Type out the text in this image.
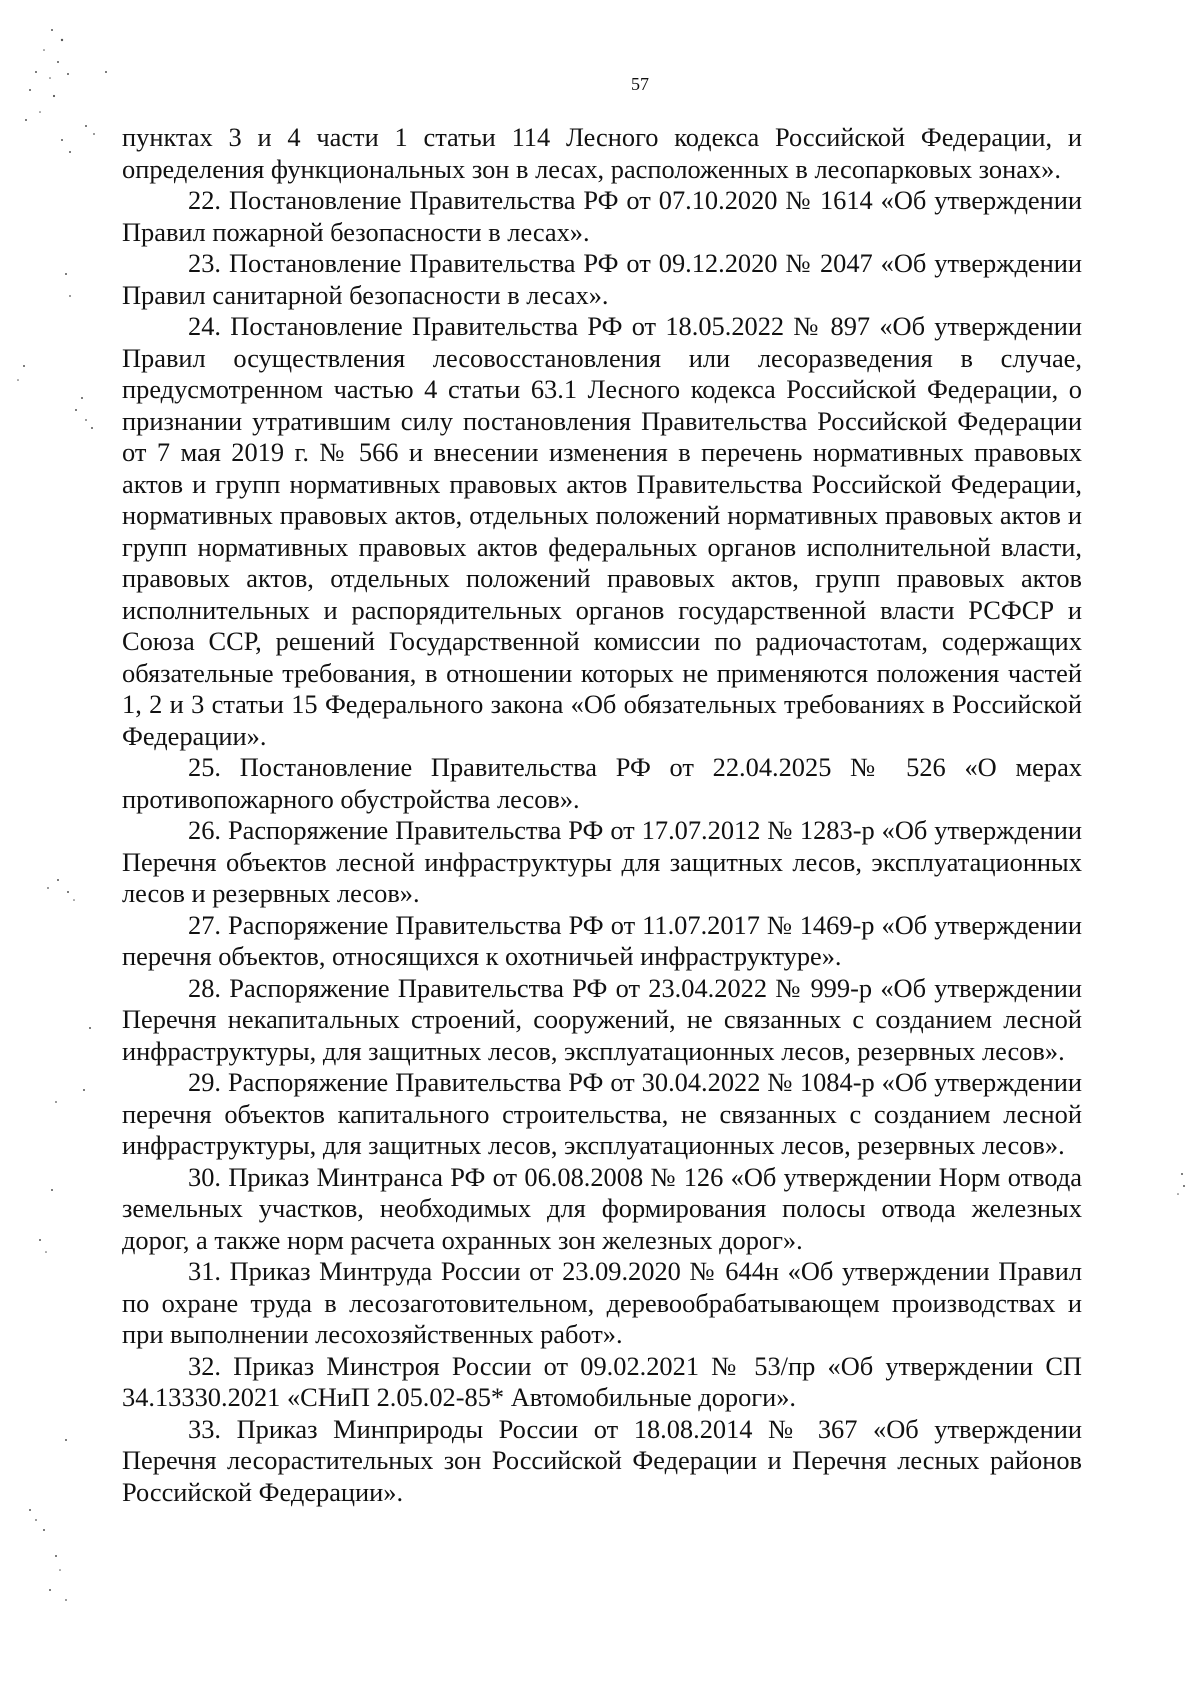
57

пунктах 3 и 4 части 1 статьи 114 Лесного кодекса Российской Федерации, и определения функциональных зон в лесах, расположенных в лесопарковых зонах».

22. Постановление Правительства РФ от 07.10.2020 № 1614 «Об утверждении Правил пожарной безопасности в лесах».

23. Постановление Правительства РФ от 09.12.2020 № 2047 «Об утверждении Правил санитарной безопасности в лесах».

24. Постановление Правительства РФ от 18.05.2022 № 897 «Об утверждении Правил осуществления лесовосстановления или лесоразведения в случае, предусмотренном частью 4 статьи 63.1 Лесного кодекса Российской Федерации, о признании утратившим силу постановления Правительства Российской Федерации от 7 мая 2019 г. № 566 и внесении изменения в перечень нормативных правовых актов и групп нормативных правовых актов Правительства Российской Федерации, нормативных правовых актов, отдельных положений нормативных правовых актов и групп нормативных правовых актов федеральных органов исполнительной власти, правовых актов, отдельных положений правовых актов, групп правовых актов исполнительных и распорядительных органов государственной власти РСФСР и Союза ССР, решений Государственной комиссии по радиочастотам, содержащих обязательные требования, в отношении которых не применяются положения частей 1, 2 и 3 статьи 15 Федерального закона «Об обязательных требованиях в Российской Федерации».

25. Постановление Правительства РФ от 22.04.2025 № 526 «О мерах противопожарного обустройства лесов».

26. Распоряжение Правительства РФ от 17.07.2012 № 1283-р «Об утверждении Перечня объектов лесной инфраструктуры для защитных лесов, эксплуатационных лесов и резервных лесов».

27. Распоряжение Правительства РФ от 11.07.2017 № 1469-р «Об утверждении перечня объектов, относящихся к охотничьей инфраструктуре».

28. Распоряжение Правительства РФ от 23.04.2022 № 999-р «Об утверждении Перечня некапитальных строений, сооружений, не связанных с созданием лесной инфраструктуры, для защитных лесов, эксплуатационных лесов, резервных лесов».

29. Распоряжение Правительства РФ от 30.04.2022 № 1084-р «Об утверждении перечня объектов капитального строительства, не связанных с созданием лесной инфраструктуры, для защитных лесов, эксплуатационных лесов, резервных лесов».

30. Приказ Минтранса РФ от 06.08.2008 № 126 «Об утверждении Норм отвода земельных участков, необходимых для формирования полосы отвода железных дорог, а также норм расчета охранных зон железных дорог».

31. Приказ Минтруда России от 23.09.2020 № 644н «Об утверждении Правил по охране труда в лесозаготовительном, деревообрабатывающем производствах и при выполнении лесохозяйственных работ».

32. Приказ Минстроя России от 09.02.2021 № 53/пр «Об утверждении СП 34.13330.2021 «СНиП 2.05.02-85* Автомобильные дороги».

33. Приказ Минприроды России от 18.08.2014 № 367 «Об утверждении Перечня лесорастительных зон Российской Федерации и Перечня лесных районов Российской Федерации».
